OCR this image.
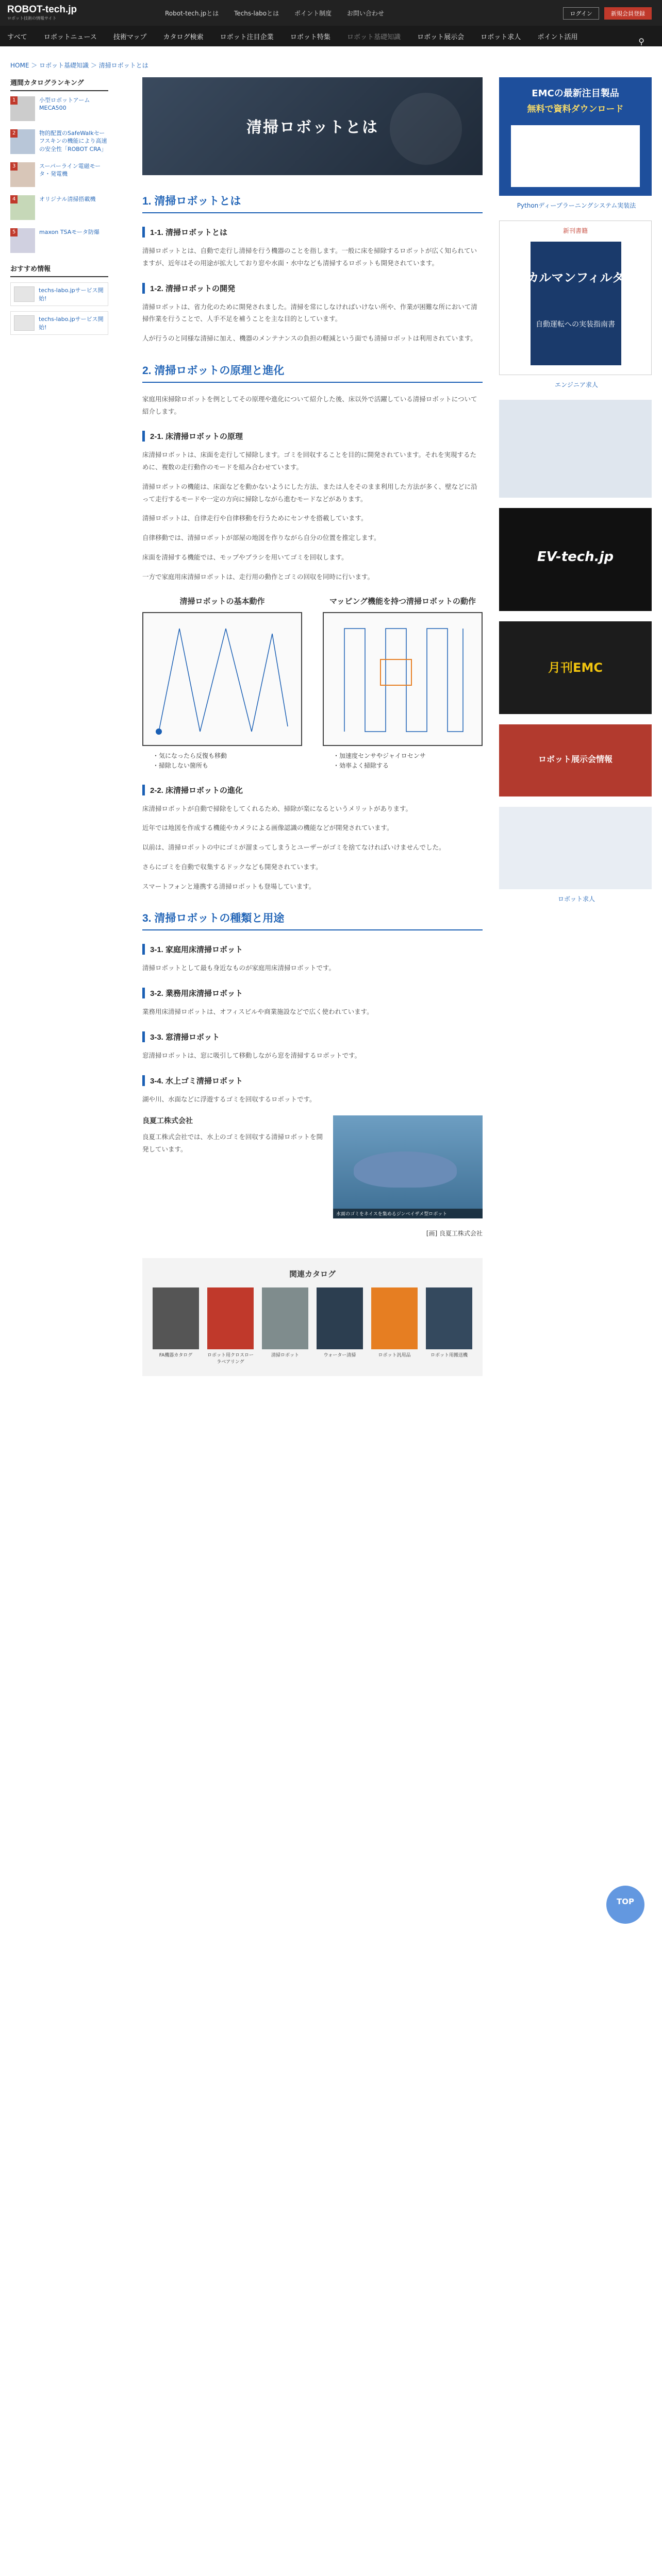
ROBOT-tech.jp
ロボット技術の情報サイト
Robot-tech.jpとは Techs-laboとは ポイント制度 お問い合わせ	ログイン	新規会員登録
すべて ロボットニュース 技術マップ カタログ検索 ロボット注目企業 ロボット特集 ロボット基礎知識 ロボット展示会 ロボット求人 ポイント活用	⚲
HOME ＞ ロボット基礎知識 ＞ 清掃ロボットとは
週間カタログランキング
1	小型ロボットアーム MECA500
2	物的配置のSafeWalkセーフスキンの機能により高速の安全性「ROBOT CRA」
3	スーパーライン電磁モータ・発電機
4	オリジナル清掃搭載機
5	maxon TSAモータ防爆
おすすめ情報
techs-labo.jpサービス開始!
techs-labo.jpサービス開始!
清掃ロボットとは
1. 清掃ロボットとは
1-1. 清掃ロボットとは

清掃ロボットとは、自動で走行し清掃を行う機器のことを指します。一般に床を掃除するロボットが広く知られていますが、近年はその用途が拡大しており窓や水面・水中なども清掃するロボットも開発されています。

1-2. 清掃ロボットの開発

清掃ロボットは、省力化のために開発されました。清掃を常にしなければいけない所や、作業が困難な所において清掃作業を行うことで、人手不足を補うことを主な目的としています。

人が行うのと同様な清掃に加え、機器のメンテナンスの負担の軽減という面でも清掃ロボットは利用されています。

2. 清掃ロボットの原理と進化

家庭用床掃除ロボットを例としてその原理や進化について紹介した後、床以外で活躍している清掃ロボットについて紹介します。

2-1. 床清掃ロボットの原理

床清掃ロボットは、床面を走行して掃除します。ゴミを回収することを目的に開発されています。それを実現するために、複数の走行動作のモードを組み合わせています。

清掃ロボットの機能は、床面などを動かないようにした方法、または人をそのまま利用した方法が多く、壁などに沿って走行するモードや一定の方向に掃除しながら進むモードなどがあります。

清掃ロボットは、自律走行や自律移動を行うためにセンサを搭載しています。

自律移動では、清掃ロボットが部屋の地図を作りながら自分の位置を推定します。

床面を清掃する機能では、モップやブラシを用いてゴミを回収します。

一方で家庭用床清掃ロボットは、走行用の動作とゴミの回収を同時に行います。

清掃ロボットの基本動作
・気になったら反復も移動
・掃除しない箇所も
マッピング機能を持つ清掃ロボットの動作
・加速度センサやジャイロセンサ
・効率よく掃除する
2-2. 床清掃ロボットの進化

床清掃ロボットが自動で掃除をしてくれるため、掃除が楽になるというメリットがあります。

近年では地図を作成する機能やカメラによる画像認識の機能などが開発されています。

以前は、清掃ロボットの中にゴミが溜まってしまうとユーザーがゴミを捨てなければいけませんでした。

さらにゴミを自動で収集するドックなども開発されています。

スマートフォンと連携する清掃ロボットも登場しています。

3. 清掃ロボットの種類と用途
3-1. 家庭用床清掃ロボット

清掃ロボットとして最も身近なものが家庭用床清掃ロボットです。

3-2. 業務用床清掃ロボット

業務用床清掃ロボットは、オフィスビルや商業施設などで広く使われています。

3-3. 窓清掃ロボット

窓清掃ロボットは、窓に吸引して移動しながら窓を清掃するロボットです。

3-4. 水上ゴミ清掃ロボット

湖や川、水面などに浮遊するゴミを回収するロボットです。

水面のゴミをネイスを集めるジンベイザメ型ロボット
良夏工株式会社

良夏工株式会社では、水上のゴミを回収する清掃ロボットを開発しています。

[画] 良夏工株式会社
関連カタログ
FA機器カタログ	ロボット用クロスローラベアリング
清掃ロボット	ウォーター清掃	ロボット汎用品	ロボット用搬送機
EMCの最新注目製品
無料で資料ダウンロード
Pythonディープラーニングシステム実装法
新刊書籍
カルマンフィルタ
自動運転への実装指南書
エンジニア求人
EV-tech.jp
月刊EMC
ロボット展示会情報
ロボット求人
TOP
